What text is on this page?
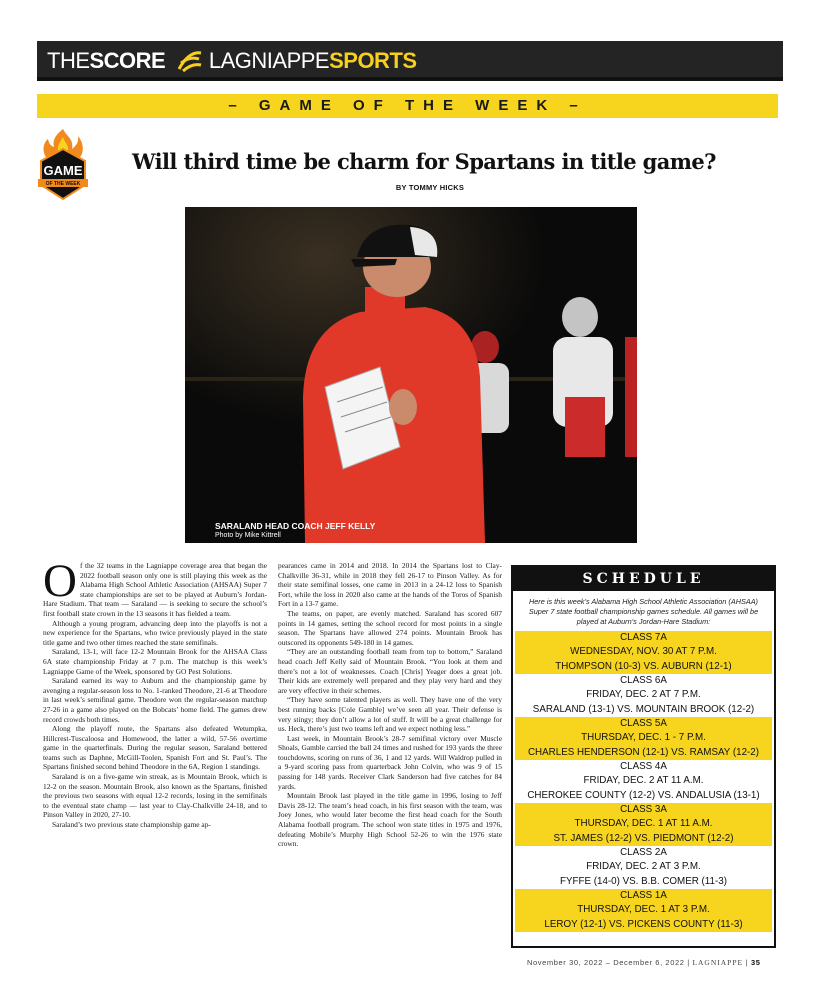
THESCORE LAGNIAPPESPORTS
– GAME OF THE WEEK –
GAME
OF THE WEEK
Will third time be charm for Spartans in title game?
BY TOMMY HICKS
SARALAND HEAD COACH JEFF KELLY
Photo by Mike Kittrell
O f the 32 teams in the Lagniappe coverage area that began the 2022 football season only one is still playing this week as the Alabama High School Athletic Association (AHSAA) Super 7 state championships are set to be played at Auburn’s Jordan-Hare Stadium. That team — Saraland — is seeking to secure the school’s first football state crown in the 13 seasons it has fielded a team.

Although a young program, advancing deep into the playoffs is not a new experience for the Spartans, who twice previously played in the state title game and two other times reached the state semifinals.

Saraland, 13-1, will face 12-2 Mountain Brook for the AHSAA Class 6A state championship Friday at 7 p.m. The matchup is this week’s Lagniappe Game of the Week, sponsored by GO Pest Solutions.

Saraland earned its way to Auburn and the championship game by avenging a regular-season loss to No. 1-ranked Theodore, 21-6 at Theodore in last week’s semifinal game. Theodore won the regular-season matchup 27-26 in a game also played on the Bobcats’ home field. The games drew record crowds both times.

Along the playoff route, the Spartans also defeated Wetumpka, Hillcrest-Tuscaloosa and Homewood, the latter a wild, 57-56 overtime game in the quarterfinals. During the regular season, Saraland bettered teams such as Daphne, McGill-Toolen, Spanish Fort and St. Paul’s. The Spartans finished second behind Theodore in the 6A, Region 1 standings.

Saraland is on a five-game win streak, as is Mountain Brook, which is 12-2 on the season. Mountain Brook, also known as the Spartans, finished the previous two seasons with equal 12-2 records, losing in the semifinals to the eventual state champ — last year to Clay-Chalkville 24-18, and to Pinson Valley in 2020, 27-10.

Saraland’s two previous state championship game ap-

pearances came in 2014 and 2018. In 2014 the Spartans lost to Clay-Chalkville 36-31, while in 2018 they fell 26-17 to Pinson Valley. As for their state semifinal losses, one came in 2013 in a 24-12 loss to Spanish Fort, while the loss in 2020 also came at the hands of the Toros of Spanish Fort in a 13-7 game.

The teams, on paper, are evenly matched. Saraland has scored 607 points in 14 games, setting the school record for most points in a single season. The Spartans have allowed 274 points. Mountain Brook has outscored its opponents 549-180 in 14 games.

“They are an outstanding football team from top to bottom,” Saraland head coach Jeff Kelly said of Mountain Brook. “You look at them and there’s not a lot of weaknesses. Coach [Chris] Yeager does a great job. Their kids are extremely well prepared and they play very hard and they are very effective in their schemes.

“They have some talented players as well. They have one of the very best running backs [Cole Gamble] we’ve seen all year. Their defense is very stingy; they don’t allow a lot of stuff. It will be a great challenge for us. Heck, there’s just two teams left and we expect nothing less.”

Last week, in Mountain Brook’s 28-7 semifinal victory over Muscle Shoals, Gamble carried the ball 24 times and rushed for 193 yards the three touchdowns, scoring on runs of 36, 1 and 12 yards. Will Waldrop pulled in a 9-yard scoring pass from quarterback John Colvin, who was 9 of 15 passing for 148 yards. Receiver Clark Sanderson had five catches for 84 yards.

Mountain Brook last played in the title game in 1996, losing to Jeff Davis 28-12. The team’s head coach, in his first season with the team, was Joey Jones, who would later become the first head coach for the South Alabama football program. The school won state titles in 1975 and 1976, defeating Mobile’s Murphy High School 52-26 to win the 1976 state crown.

SCHEDULE
Here is this week’s Alabama High School Athletic Association (AHSAA) Super 7 state football championship games schedule. All games will be played at Auburn’s Jordan-Hare Stadium:
CLASS 7A
WEDNESDAY, NOV. 30 AT 7 P.M.
THOMPSON (10-3) VS. AUBURN (12-1)
CLASS 6A
FRIDAY, DEC. 2 AT 7 P.M.
SARALAND (13-1) VS. MOUNTAIN BROOK (12-2)
CLASS 5A
THURSDAY, DEC. 1 - 7 P.M.
CHARLES HENDERSON (12-1) VS. RAMSAY (12-2)
CLASS 4A
FRIDAY, DEC. 2 AT 11 A.M.
CHEROKEE COUNTY (12-2) VS. ANDALUSIA (13-1)
CLASS 3A
THURSDAY, DEC. 1 AT 11 A.M.
ST. JAMES (12-2) VS. PIEDMONT (12-2)
CLASS 2A
FRIDAY, DEC. 2 AT 3 P.M.
FYFFE (14-0) VS. B.B. COMER (11-3)
CLASS 1A
THURSDAY, DEC. 1 AT 3 P.M.
LEROY (12-1) VS. PICKENS COUNTY (11-3)
November 30, 2022 – December 6, 2022 | LAGNIAPPE | 35
